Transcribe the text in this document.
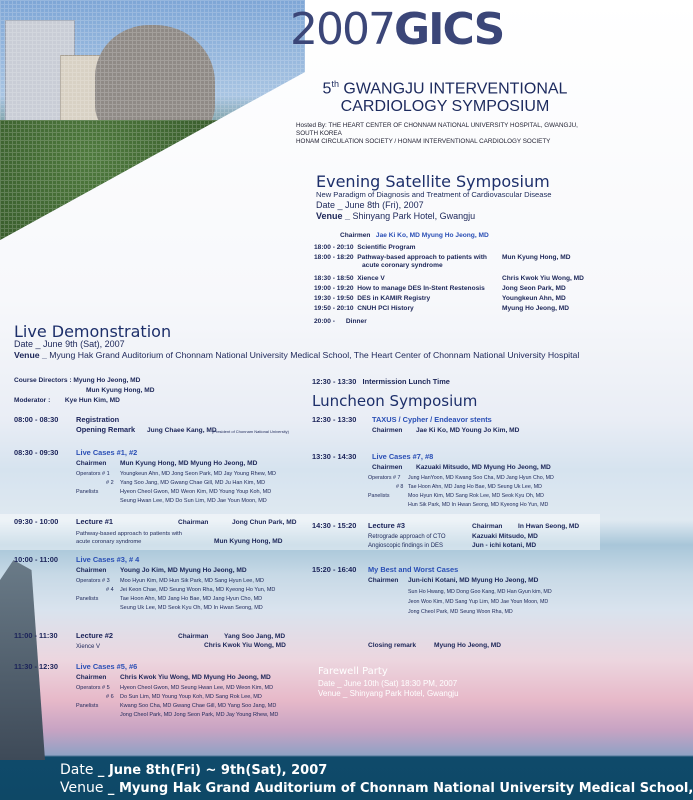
2007GICS
5th GWANGJU INTERVENTIONAL
CARDIOLOGY SYMPOSIUM
Hosted By: THE HEART CENTER OF CHONNAM NATIONAL UNIVERSITY HOSPITAL, GWANGJU, SOUTH KOREA
HONAM CIRCULATION SOCIETY / HONAM INTERVENTIONAL CARDIOLOGY SOCIETY
Evening Satellite Symposium
New Paradigm of Diagnosis and Treatment of Cardiovascular Disease
Date _ June 8th (Fri), 2007
Venue _ Shinyang Park Hotel, Gwangju
Chairmen Jae Ki Ko, MD Myung Ho Jeong, MD
18:00 - 20:10 Scientific Program
18:00 - 18:20 Pathway-based approach to patients with Mun Kyung Hong, MD

acute coronary syndrome
18:30 - 18:50 Xience V	Chris Kwok Yiu Wong, MD
19:00 - 19:20 How to manage DES In-Stent Restenosis	Jong Seon Park, MD
19:30 - 19:50 DES in KAMIR Registry	Youngkeun Ahn, MD
19:50 - 20:10 CNUH PCI History	Myung Ho Jeong, MD
20:00 - Dinner
Live Demonstration
Date _ June 9th (Sat), 2007
Venue _ Myung Hak Grand Auditorium of Chonnam National University Medical School, The Heart Center of Chonnam National University Hospital
Course Directors : Myung Ho Jeong, MD
Mun Kyung Hong, MD
Moderator : Kye Hun Kim, MD
08:00 - 08:30 Registration
Opening Remark Jung Chaee Kang, MD
(President of Chonnam National University)
08:30 - 09:30 Live Cases #1, #2
Chairmen Mun Kyung Hong, MD Myung Ho Jeong, MD
Operators # 1 Youngkeun Ahn, MD Jong Seon Park, MD Jay Young Rhew, MD
# 2 Yang Soo Jang, MD Gwang Chae Gill, MD Ju Han Kim, MD
Panelists	Hyeon Cheol Gwon, MD Weon Kim, MD Young Youp Koh, MD
Seung Hwan Lee, MD Do Sun Lim, MD Jae Youn Moon, MD
09:30 - 10:00 Lecture #1	Chairman	Jong Chun Park, MD
Pathway-based approach to patients with
acute coronary syndrome	Mun Kyung Hong, MD
10:00 - 11:00 Live Cases #3, # 4
Chairmen Young Jo Kim, MD Myung Ho Jeong, MD
Operators # 3 Moo Hyun Kim, MD Hun Sik Park, MD Sang Hyun Lee, MD
# 4 Jei Keon Chae, MD Seung Woon Rha, MD Kyeong Ho Yun, MD
Panelists	Tae Hoon Ahn, MD Jang Ho Bae, MD Jang Hyun Cho, MD
Seung Uk Lee, MD Seok Kyu Oh, MD In Hwan Seong, MD
11:00 - 11:30 Lecture #2	Chairman Yang Soo Jang, MD
Xience V	Chris Kwok Yiu Wong, MD
11:30 - 12:30 Live Cases #5, #6
Chairmen Chris Kwok Yiu Wong, MD Myung Ho Jeong, MD
Operators # 5 Hyeon Cheol Gwon, MD Seung Hwan Lee, MD Weon Kim, MD
# 6 Do Sun Lim, MD Young Youp Koh, MD Sang Rok Lee, MD
Panelists	Kwang Soo Cha, MD Gwang Chae Gill, MD Yang Soo Jang, MD
Jong Cheol Park, MD Jong Seon Park, MD Jay Young Rhew, MD
12:30 - 13:30 Intermission Lunch Time
Luncheon Symposium
12:30 - 13:30 TAXUS / Cypher / Endeavor stents
Chairmen Jae Ki Ko, MD Young Jo Kim, MD
13:30 - 14:30 Live Cases #7, #8
Chairmen Kazuaki Mitsudo, MD Myung Ho Jeong, MD
Operators # 7 Jung HanYoon, MD Kwang Soo Cha, MD Jang Hyun Cho, MD
# 8 Tae Hoon Ahn, MD Jang Ho Bae, MD Seung Uk Lee, MD
Panelists	Moo Hyun Kim, MD Sang Rok Lee, MD Seok Kyu Oh, MD
Hun Sik Park, MD In Hwan Seong, MD Kyeong Ho Yun, MD
14:30 - 15:20 Lecture #3	Chairman In Hwan Seong, MD
Retrograde approach of CTO	Kazuaki Mitsudo, MD
Angioscopic findings in DES	Jun - ichi kotani, MD
15:20 - 16:40 My Best and Worst Cases
Chairmen Jun-ichi Kotani, MD Myung Ho Jeong, MD
Sun Ho Hwang, MD Dong Goo Kang, MD Han Gyun kim, MD
Jeon Woo Kim, MD Sang Yup Lim, MD Jae Youn Moon, MD
Jong Cheol Park, MD Seung Woon Rha, MD
Closing remark	Myung Ho Jeong, MD
Farewell Party
Date _ June 10th (Sat) 18:30 PM, 2007
Venue _ Shinyang Park Hotel, Gwangju
Date _ June 8th(Fri) ~ 9th(Sat), 2007
Venue _ Myung Hak Grand Auditorium of Chonnam National University Medical School,
